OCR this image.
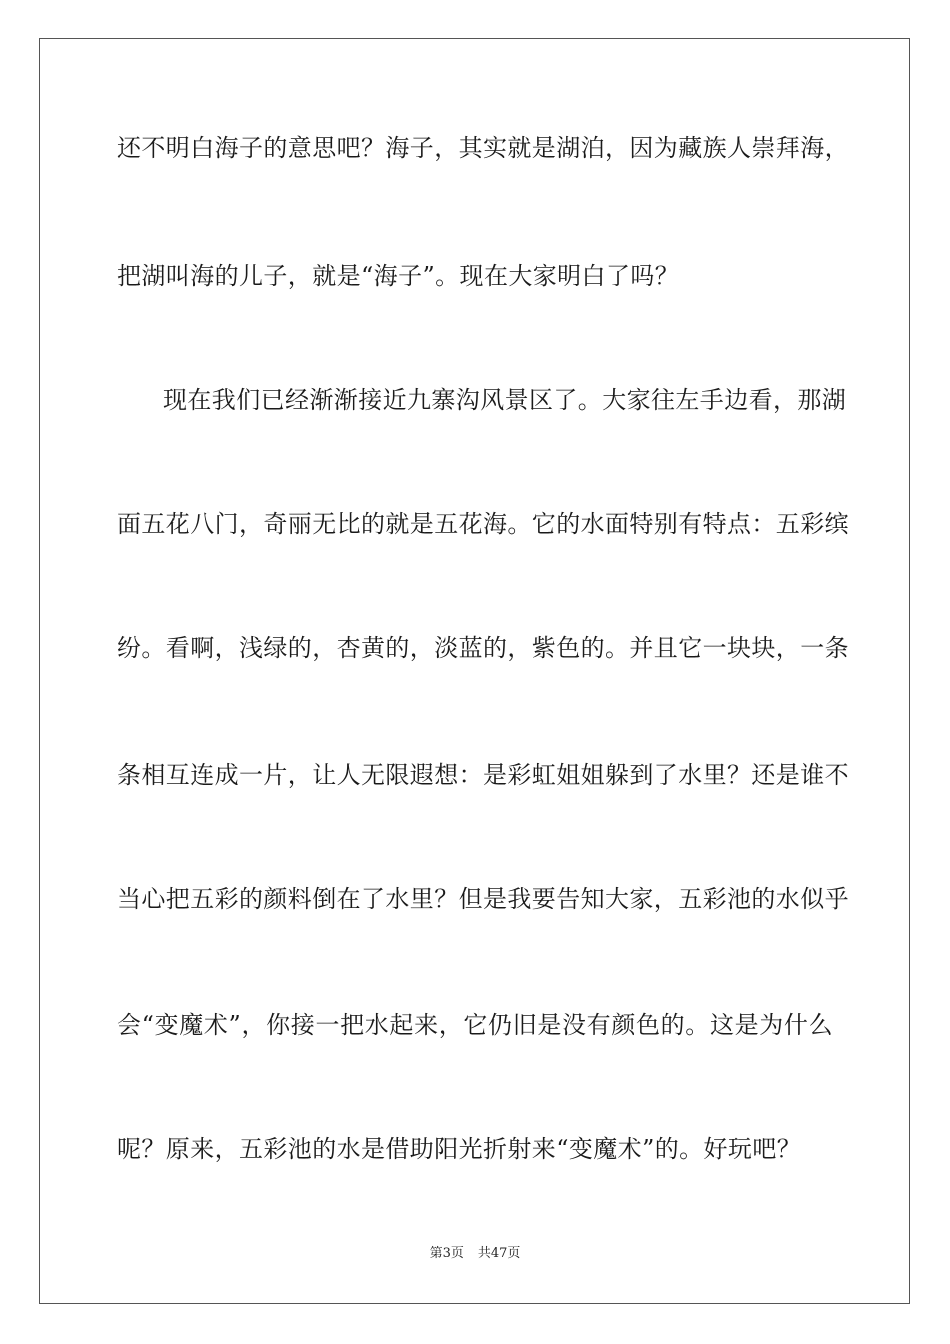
还不明白海子的意思吧？海子，其实就是湖泊，因为藏族人崇拜海，
把湖叫海的儿子，就是“海子”。现在大家明白了吗？
现在我们已经渐渐接近九寨沟风景区了。大家往左手边看，那湖
面五花八门，奇丽无比的就是五花海。它的水面特别有特点：五彩缤
纷。看啊，浅绿的，杏黄的，淡蓝的，紫色的。并且它一块块，一条
条相互连成一片，让人无限遐想：是彩虹姐姐躲到了水里？还是谁不
当心把五彩的颜料倒在了水里？但是我要告知大家，五彩池的水似乎
会“变魔术”，你接一把水起来，它仍旧是没有颜色的。这是为什么
呢？原来，五彩池的水是借助阳光折射来“变魔术”的。好玩吧？
第3页 共47页
